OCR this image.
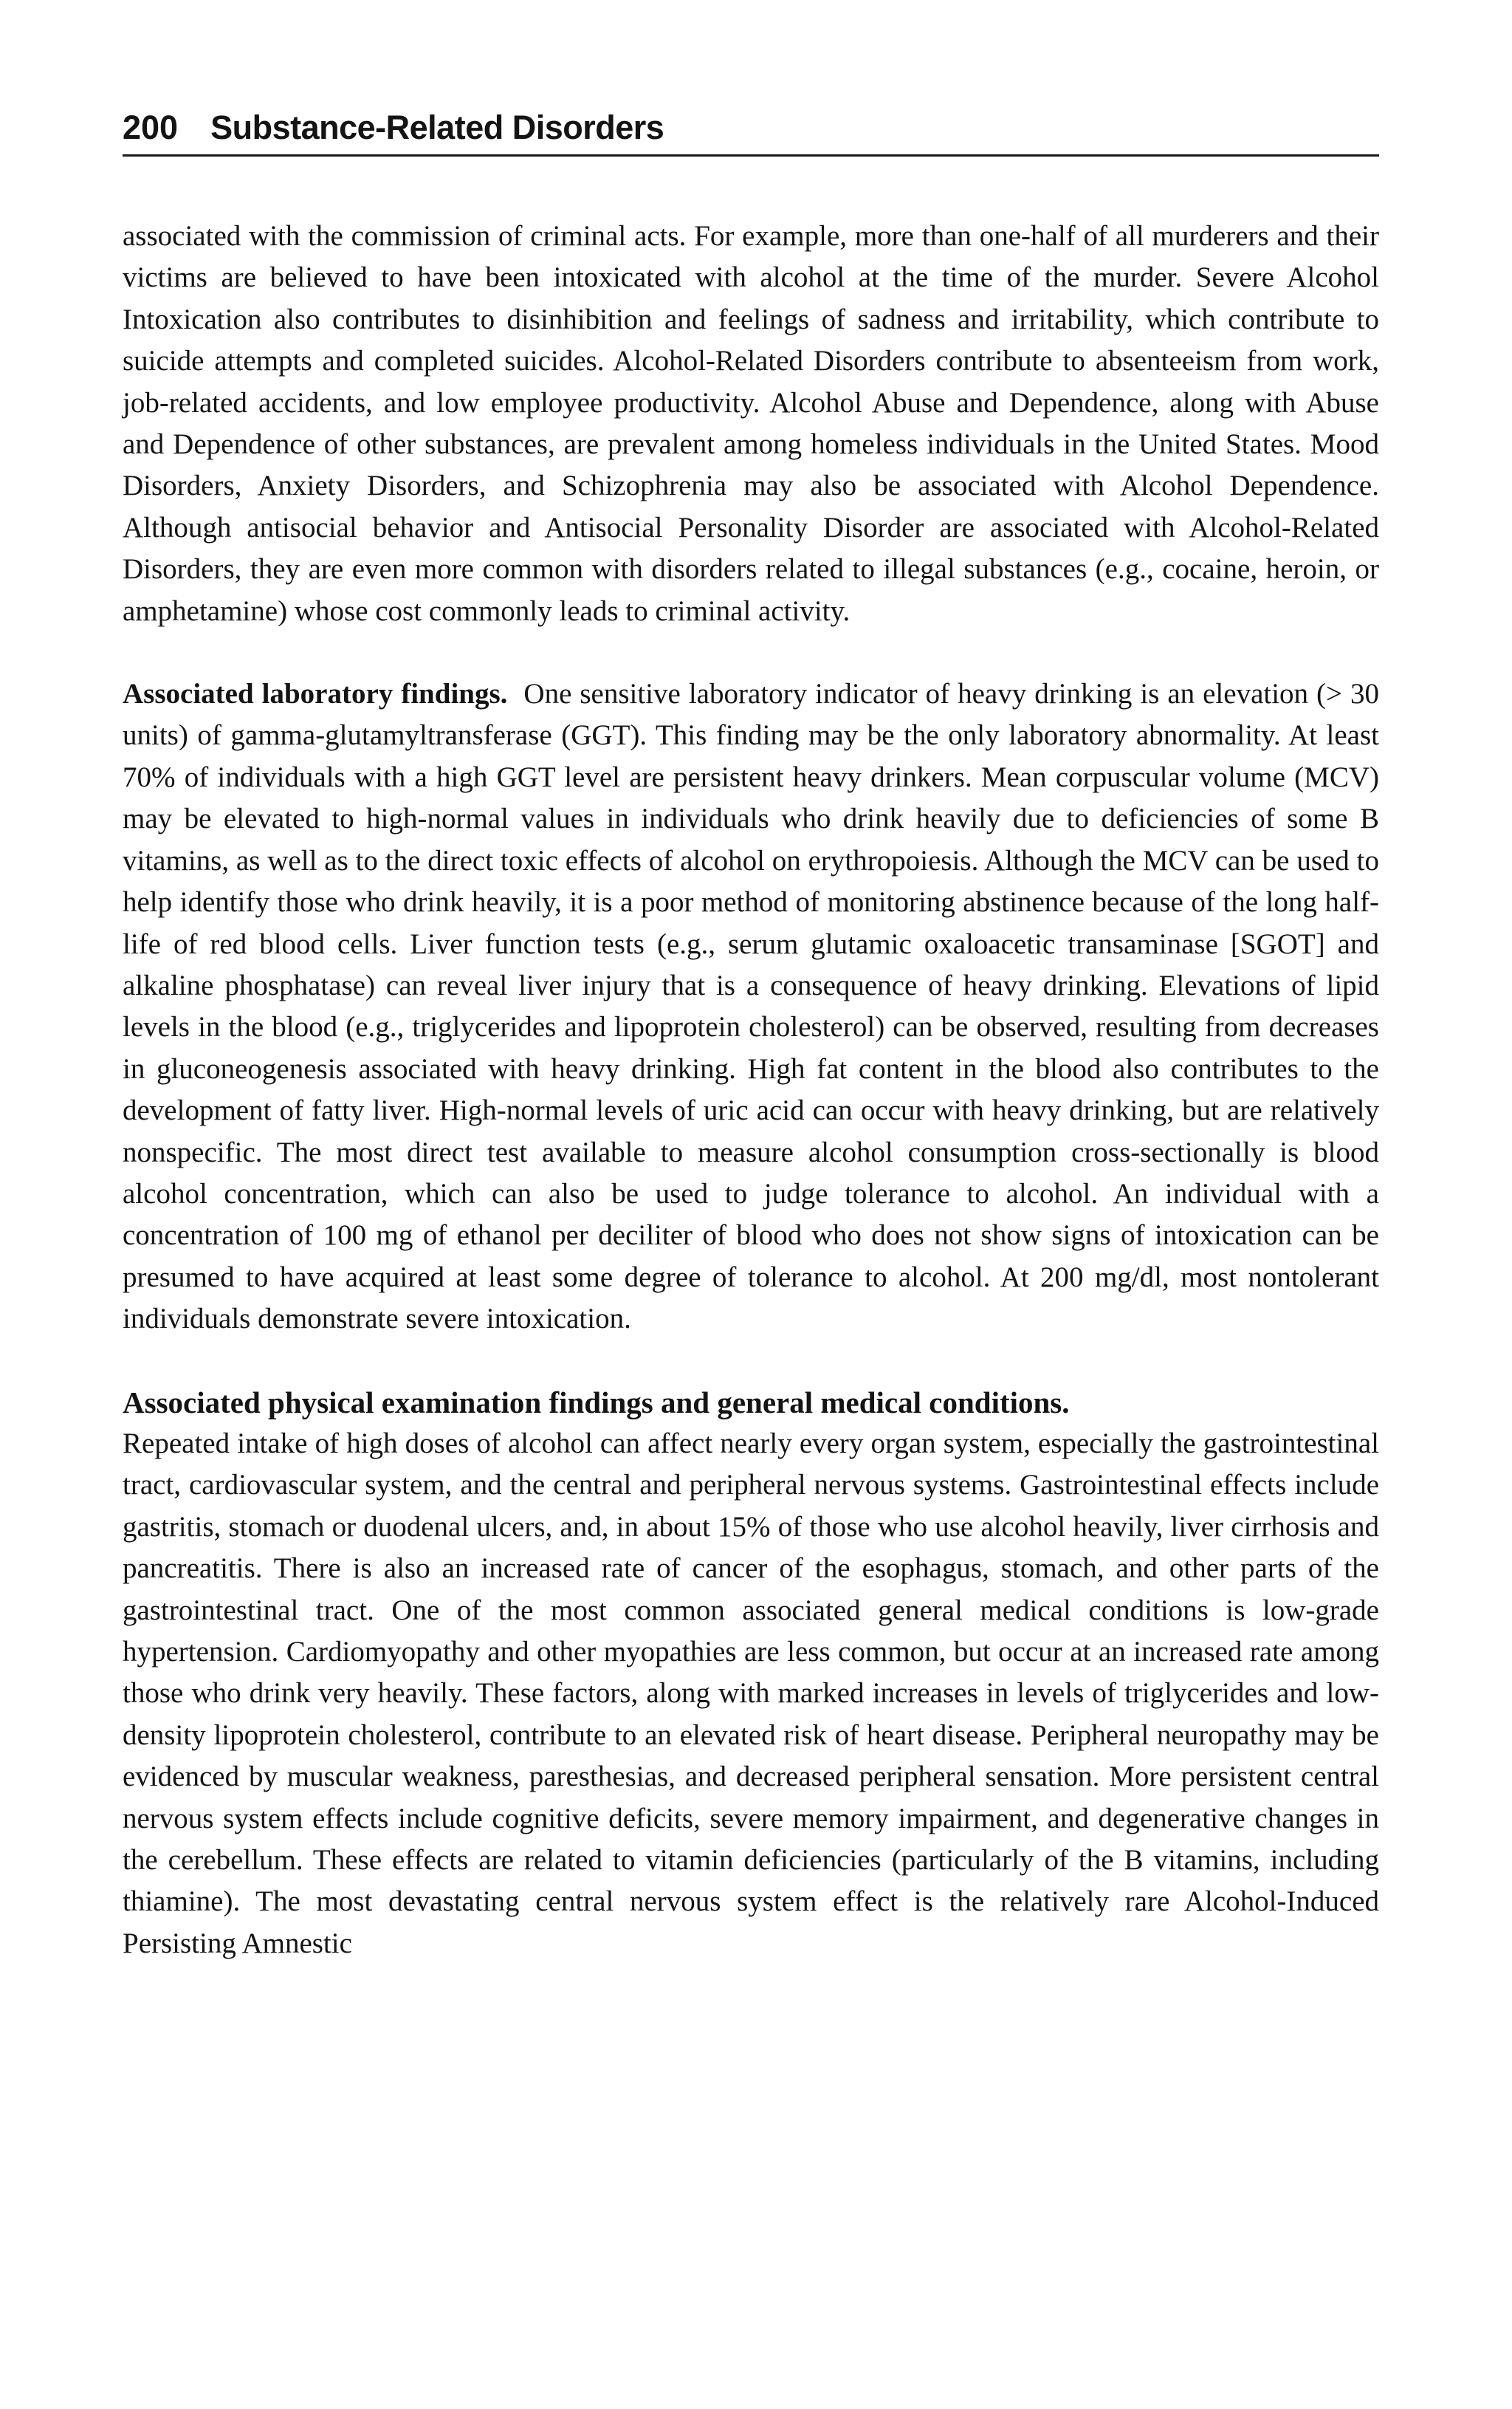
200 Substance-Related Disorders

associated with the commission of criminal acts. For example, more than one-half of all murderers and their victims are believed to have been intoxicated with alcohol at the time of the murder. Severe Alcohol Intoxication also contributes to disinhibition and feelings of sadness and irritability, which contribute to suicide attempts and completed suicides. Alcohol-Related Disorders contribute to absenteeism from work, job-related accidents, and low employee productivity. Alcohol Abuse and Dependence, along with Abuse and Dependence of other substances, are prevalent among homeless individuals in the United States. Mood Disorders, Anxiety Disorders, and Schizophrenia may also be associated with Alcohol Dependence. Although antisocial behavior and Antisocial Personality Disorder are associated with Alcohol-Related Disorders, they are even more common with disorders related to illegal substances (e.g., cocaine, heroin, or amphetamine) whose cost commonly leads to criminal activity.

Associated laboratory findings. One sensitive laboratory indicator of heavy drinking is an elevation (> 30 units) of gamma-glutamyltransferase (GGT). This finding may be the only laboratory abnormality. At least 70% of individuals with a high GGT level are persistent heavy drinkers. Mean corpuscular volume (MCV) may be elevated to high-normal values in individuals who drink heavily due to deficiencies of some B vitamins, as well as to the direct toxic effects of alcohol on erythropoiesis. Although the MCV can be used to help identify those who drink heavily, it is a poor method of monitoring abstinence because of the long half-life of red blood cells. Liver function tests (e.g., serum glutamic oxaloacetic transaminase [SGOT] and alkaline phosphatase) can reveal liver injury that is a consequence of heavy drinking. Elevations of lipid levels in the blood (e.g., triglycerides and lipoprotein cholesterol) can be observed, resulting from decreases in gluconeogenesis associated with heavy drinking. High fat content in the blood also contributes to the development of fatty liver. High-normal levels of uric acid can occur with heavy drinking, but are relatively nonspecific. The most direct test available to measure alcohol consumption cross-sectionally is blood alcohol concentration, which can also be used to judge tolerance to alcohol. An individual with a concentration of 100 mg of ethanol per deciliter of blood who does not show signs of intoxication can be presumed to have acquired at least some degree of tolerance to alcohol. At 200 mg/dl, most nontolerant individuals demonstrate severe intoxication.

Associated physical examination findings and general medical conditions.
Repeated intake of high doses of alcohol can affect nearly every organ system, especially the gastrointestinal tract, cardiovascular system, and the central and peripheral nervous systems. Gastrointestinal effects include gastritis, stomach or duodenal ulcers, and, in about 15% of those who use alcohol heavily, liver cirrhosis and pancreatitis. There is also an increased rate of cancer of the esophagus, stomach, and other parts of the gastrointestinal tract. One of the most common associated general medical conditions is low-grade hypertension. Cardiomyopathy and other myopathies are less common, but occur at an increased rate among those who drink very heavily. These factors, along with marked increases in levels of triglycerides and low-density lipoprotein cholesterol, contribute to an elevated risk of heart disease. Peripheral neuropathy may be evidenced by muscular weakness, paresthesias, and decreased peripheral sensation. More persistent central nervous system effects include cognitive deficits, severe memory impairment, and degenerative changes in the cerebellum. These effects are related to vitamin deficiencies (particularly of the B vitamins, including thiamine). The most devastating central nervous system effect is the relatively rare Alcohol-Induced Persisting Amnestic
